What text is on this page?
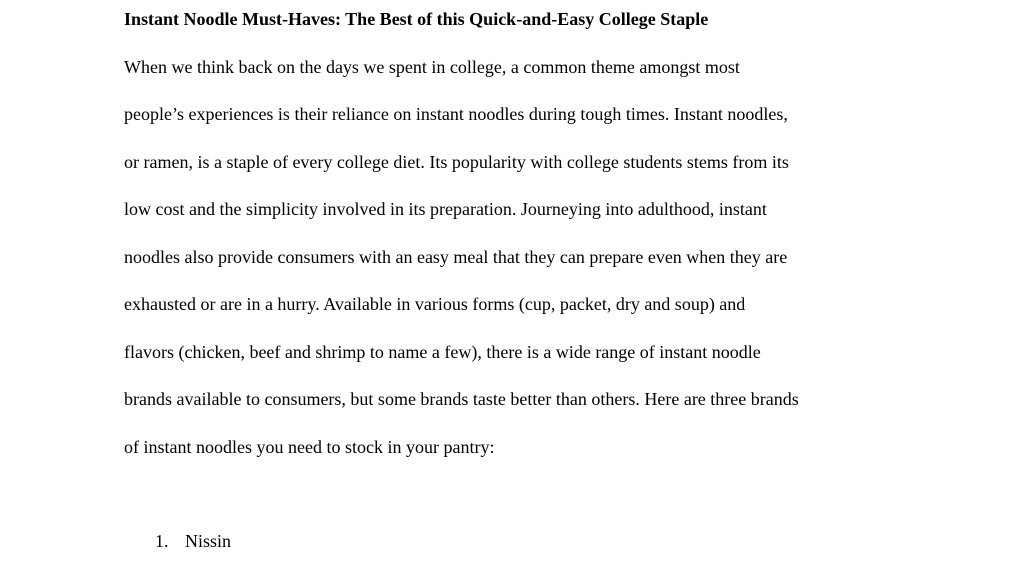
Instant Noodle Must-Haves: The Best of this Quick-and-Easy College Staple

When we think back on the days we spent in college, a common theme amongst most

people’s experiences is their reliance on instant noodles during tough times. Instant noodles,

or ramen, is a staple of every college diet. Its popularity with college students stems from its

low cost and the simplicity involved in its preparation. Journeying into adulthood, instant

noodles also provide consumers with an easy meal that they can prepare even when they are

exhausted or are in a hurry. Available in various forms (cup, packet, dry and soup) and

flavors (chicken, beef and shrimp to name a few), there is a wide range of instant noodle

brands available to consumers, but some brands taste better than others. Here are three brands

of instant noodles you need to stock in your pantry:

1. Nissin
